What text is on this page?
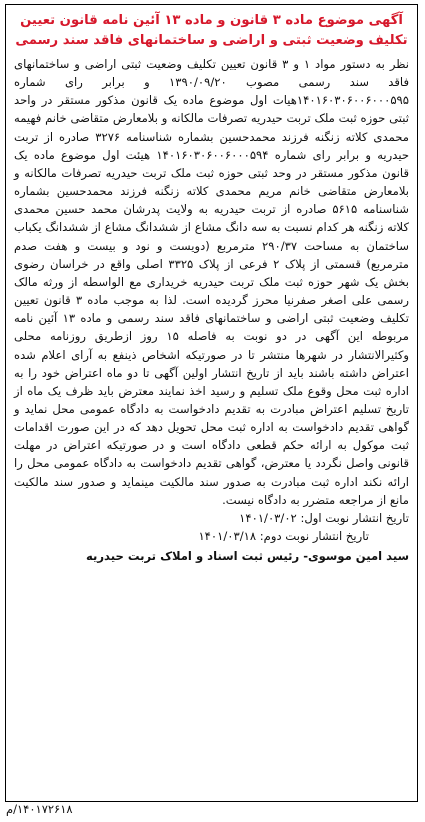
آگهی موضوع ماده ۳ قانون و ماده ۱۳ آئین نامه قانون تعیین
تکلیف وضعیت ثبتی و اراضی و ساختمانهای فاقد سند رسمی

نظر به دستور مواد ۱ و ۳ قانون تعیین تکلیف وضعیت ثبتی اراضی و ساختمانهای فاقد سند رسمی مصوب ۱۳۹۰/۰۹/۲۰ و برابر رای شماره ۱۴۰۱۶۰۳۰۶۰۰۶۰۰۰۵۹۵هیات اول موضوع ماده یک قانون مذکور مستقر در واحد ثبتی حوزه ثبت ملک تربت حیدریه تصرفات مالکانه و بلامعارض متقاضی خانم فهیمه محمدی کلاته زنگنه فرزند محمدحسین بشماره شناسنامه ۳۲۷۶ صادره از تربت حیدریه و برابر رای شماره ۱۴۰۱۶۰۳۰۶۰۰۶۰۰۰۵۹۴ هیئت اول موضوع ماده یک قانون مذکور مستقر در وحد ثبتی حوزه ثبت ملک تربت حیدریه تصرفات مالکانه و بلامعارض متقاضی خانم مریم محمدی کلاته زنگنه فرزند محمدحسین بشماره شناسنامه ۵۶۱۵ صادره از تربت حیدریه به ولایت پدرشان محمد حسین محمدی کلاته زنگنه هر کدام نسبت به سه دانگ مشاع از ششدانگ مشاع از ششدانگ یکباب ساختمان به مساحت ۲۹۰/۳۷ مترمربع (دویست و نود و بیست و هفت صدم مترمربع) قسمتی از پلاک ۲ فرعی از پلاک ۳۳۲۵ اصلی واقع در خراسان رضوی بخش یک شهر حوزه ثبت ملک تربت حیدریه خریداری مع الواسطه از ورثه مالک رسمی علی اصغر صفرنیا محرز گردیده است. لذا به موجب ماده ۳ قانون تعیین تکلیف وضعیت ثبتی اراضی و ساختمانهای فاقد سند رسمی و ماده ۱۳ آئین نامه مربوطه این آگهی در دو نوبت به فاصله ۱۵ روز ازطریق روزنامه محلی وکثیرالانتشار در شهرها منتشر تا در صورتیکه اشخاص ذینفع به آرای اعلام شده اعتراض داشته باشند باید از تاریخ انتشار اولین آگهی تا دو ماه اعتراض خود را به اداره ثبت محل وقوع ملک تسلیم و رسید اخذ نمایند معترض باید ظرف یک ماه از تاریخ تسلیم اعتراض مبادرت به تقدیم دادخواست به دادگاه عمومی محل نماید و گواهی تقدیم دادخواست به اداره ثبت محل تحویل دهد که در این صورت اقدامات ثبت موکول به ارائه حکم قطعی دادگاه است و در صورتیکه اعتراض در مهلت قانونی واصل نگردد یا معترض، گواهی تقدیم دادخواست به دادگاه عمومی محل را ارائه نکند اداره ثبت مبادرت به صدور سند مالکیت مینماید و صدور سند مالکیت مانع از مراجعه متضرر به دادگاه نیست.

تاریخ انتشار نوبت اول: ۱۴۰۱/۰۳/۰۲
تاریخ انتشار نوبت دوم: ۱۴۰۱/۰۳/۱۸
سید امین موسوی- رئیس ثبت اسناد و املاک تربت حیدریه
۱۴۰۱۷۲۶۱۸/م
